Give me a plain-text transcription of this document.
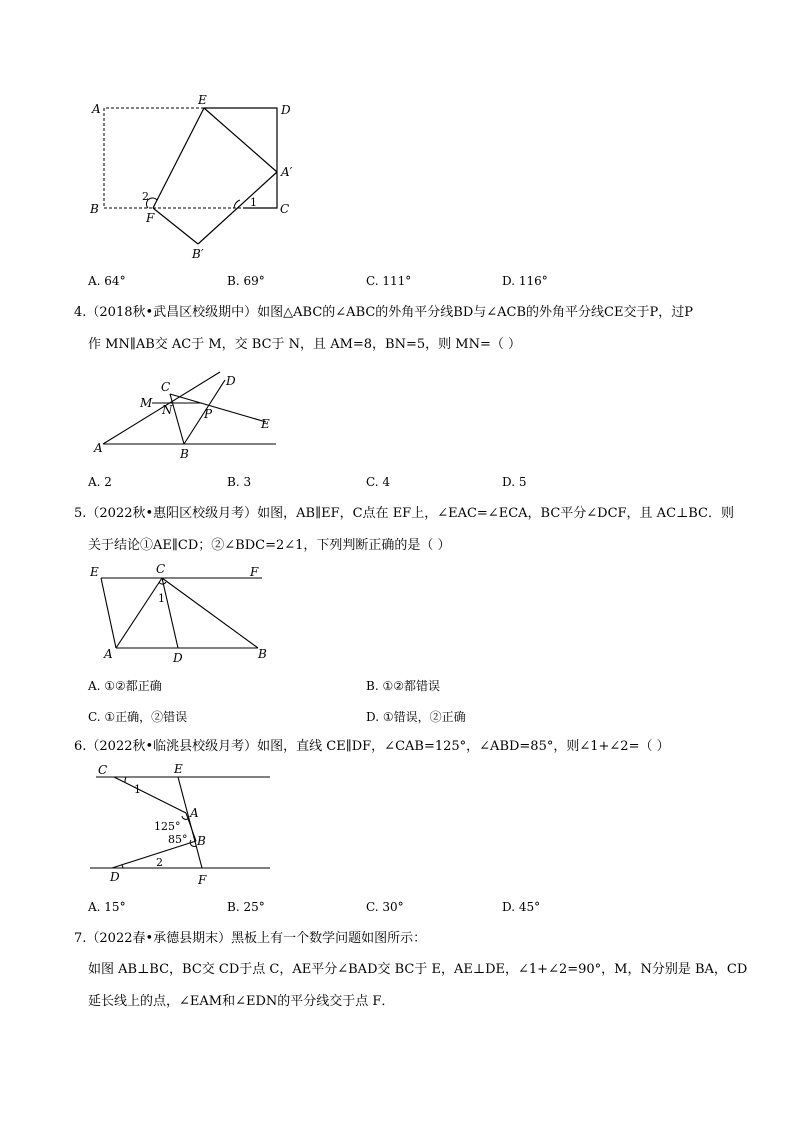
A
E
D
A′
B
F
C
B′
1
2
A. 64°	B. 69°	C. 111°	D. 116°
4.（2018秋•武昌区校级期中）如图△ABC的∠ABC的外角平分线BD与∠ACB的外角平分线CE交于P，过P
作 MN∥AB交 AC于 M，交 BC于 N，且 AM=8，BN=5，则 MN=（ ）
C	D
M N	P
E
A	B
A. 2	B. 3	C. 4	D. 5
5.（2022秋•惠阳区校级月考）如图，AB∥EF，C点在 EF上，∠EAC=∠ECA，BC平分∠DCF，且 AC⊥BC．则
关于结论①AE∥CD；②∠BDC=2∠1，下列判断正确的是（ ）
E	C	F
1
A	D	B
A. ①②都正确	B. ①②都错误
C. ①正确，②错误	D. ①错误，②正确
6.（2022秋•临洮县校级月考）如图，直线 CE∥DF，∠CAB=125°，∠ABD=85°，则∠1+∠2=（ ）
C	E
1
A
125°
85° B
D
2
F
A. 15°	B. 25°	C. 30°	D. 45°
7.（2022春•承德县期末）黑板上有一个数学问题如图所示：
如图 AB⊥BC，BC交 CD于点 C，AE平分∠BAD交 BC于 E，AE⊥DE，∠1+∠2=90°，M，N分别是 BA，CD
延长线上的点，∠EAM和∠EDN的平分线交于点 F．
